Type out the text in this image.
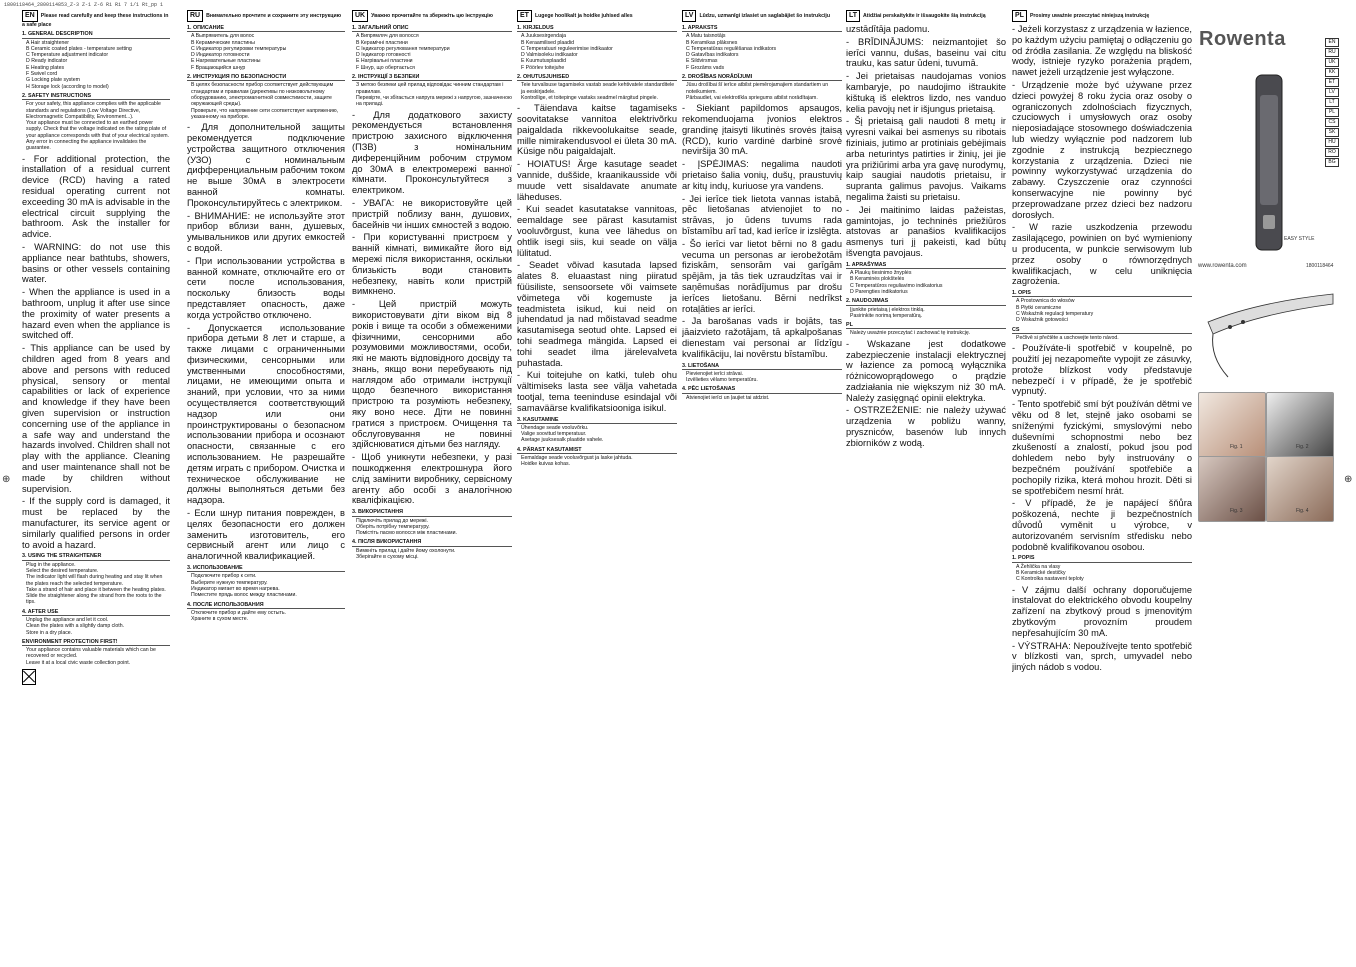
1800118464_2800114853_Z-3 Z-1 Z-6 Ri Ri 7 1/1 Rt_pp 1
⊕	⊕
EN Please read carefully and keep these instructions in a safe place
1. GENERAL DESCRIPTION
A Hair straightener
B Ceramic coated plates - temperature setting
C Temperature adjustment indicator
D Ready indicator
E Heating plates
F Swivel cord
G Locking plate system
H Storage lock (according to model)
2. SAFETY INSTRUCTIONS
For your safety, this appliance complies with the applicable standards and regulations (Low Voltage Directive, Electromagnetic Compatibility, Environment...).
Your appliance must be connected to an earthed power supply. Check that the voltage indicated on the rating plate of your appliance corresponds with that of your electrical system.
Any error in connecting the appliance invalidates the guarantee.

- For additional protection, the installation of a residual current device (RCD) having a rated residual operating current not exceeding 30 mA is advisable in the electrical circuit supplying the bathroom. Ask the installer for advice.

- WARNING: do not use this appliance near bathtubs, showers, basins or other vessels containing water.

- When the appliance is used in a bathroom, unplug it after use since the proximity of water presents a hazard even when the appliance is switched off.

- This appliance can be used by children aged from 8 years and above and persons with reduced physical, sensory or mental capabilities or lack of experience and knowledge if they have been given supervision or instruction concerning use of the appliance in a safe way and understand the hazards involved. Children shall not play with the appliance. Cleaning and user maintenance shall not be made by children without supervision.

- If the supply cord is damaged, it must be replaced by the manufacturer, its service agent or similarly qualified persons in order to avoid a hazard.

3. USING THE STRAIGHTENER
Plug in the appliance.
Select the desired temperature.
The indicator light will flash during heating and stay lit when the plates reach the selected temperature.
Take a strand of hair and place it between the heating plates.
Slide the straightener along the strand from the roots to the tips.
4. AFTER USE
Unplug the appliance and let it cool.
Clean the plates with a slightly damp cloth.
Store in a dry place.
ENVIRONMENT PROTECTION FIRST!
Your appliance contains valuable materials which can be recovered or recycled.
Leave it at a local civic waste collection point.
RU Внимательно прочтите и сохраните эту инструкцию
1. ОПИСАНИЕ
A Выпрямитель для волос
B Керамические пластины
C Индикатор регулировки температуры
D Индикатор готовности
E Нагревательные пластины
F Вращающийся шнур
2. ИНСТРУКЦИЯ ПО БЕЗОПАСНОСТИ
В целях безопасности прибор соответствует действующим стандартам и правилам (директивы по низковольтному оборудованию, электромагнитной совместимости, защите окружающей среды).
Проверьте, что напряжение сети соответствует напряжению, указанному на приборе.

- Для дополнительной защиты рекомендуется подключение устройства защитного отключения (УЗО) с номинальным дифференциальным рабочим током не выше 30мА в электросети ванной комнаты. Проконсультируйтесь с электриком.

- ВНИМАНИЕ: не используйте этот прибор вблизи ванн, душевых, умывальников или других емкостей с водой.

- При использовании устройства в ванной комнате, отключайте его от сети после использования, поскольку близость воды представляет опасность, даже когда устройство отключено.

- Допускается использование прибора детьми 8 лет и старше, а также лицами с ограниченными физическими, сенсорными или умственными способностями, лицами, не имеющими опыта и знаний, при условии, что за ними осуществляется соответствующий надзор или они проинструктированы о безопасном использовании прибора и осознают опасности, связанные с его использованием. Не разрешайте детям играть с прибором. Очистка и техническое обслуживание не должны выполняться детьми без надзора.

- Если шнур питания поврежден, в целях безопасности его должен заменить изготовитель, его сервисный агент или лицо с аналогичной квалификацией.

3. ИСПОЛЬЗОВАНИЕ
Подключите прибор к сети.
Выберите нужную температуру.
Индикатор мигает во время нагрева.
Поместите прядь волос между пластинами.
4. ПОСЛЕ ИСПОЛЬЗОВАНИЯ
Отключите прибор и дайте ему остыть.
Храните в сухом месте.
UK Уважно прочитайте та збережіть цю інструкцію
1. ЗАГАЛЬНИЙ ОПИС
A Випрямляч для волосся
B Керамічні пластини
C Індикатор регулювання температури
D Індикатор готовності
E Нагрівальні пластини
F Шнур, що обертається
2. ІНСТРУКЦІЇ З БЕЗПЕКИ
З метою безпеки цей прилад відповідає чинним стандартам і правилам.
Перевірте, чи збігається напруга мережі з напругою, зазначеною на приладі.

- Для додаткового захисту рекомендується встановлення пристрою захисного відключення (ПЗВ) з номінальним диференційним робочим струмом до 30мА в електромережі ванної кімнати. Проконсультуйтеся з електриком.

- УВАГА: не використовуйте цей пристрій поблизу ванн, душових, басейнів чи інших ємностей з водою.

- При користуванні пристроєм у ванній кімнаті, вимикайте його від мережі після використання, оскільки близькість води становить небезпеку, навіть коли пристрій вимкнено.

- Цей пристрій можуть використовувати діти віком від 8 років і вище та особи з обмеженими фізичними, сенсорними або розумовими можливостями, особи, які не мають відповідного досвіду та знань, якщо вони перебувають під наглядом або отримали інструкції щодо безпечного використання пристрою та розуміють небезпеку, яку воно несе. Діти не повинні гратися з пристроєм. Очищення та обслуговування не повинні здійснюватися дітьми без нагляду.

- Щоб уникнути небезпеки, у разі пошкодження електрошнура його слід замінити виробнику, сервісному агенту або особі з аналогічною кваліфікацією.

3. ВИКОРИСТАННЯ
Підключіть прилад до мережі.
Оберіть потрібну температуру.
Помістіть пасмо волосся між пластинами.
4. ПІСЛЯ ВИКОРИСТАННЯ
Вимкніть прилад і дайте йому охолонути.
Зберігайте в сухому місці.
ET Lugege hoolikalt ja hoidke juhised alles
1. KIRJELDUS
A Juuksesirgendaja
B Keraamilised plaadid
C Temperatuuri reguleerimise indikaator
D Valmisoleku indikaator
E Kuumutusplaadid
F Pöörlev toitejuhe
2. OHUTUSJUHISED
Teie turvalisuse tagamiseks vastab seade kehtivatele standarditele ja eeskirjadele.
Kontrollige, et toitepinge vastaks seadmel märgitud pingele.

- Täiendava kaitse tagamiseks soovitatakse vannitoa elektrivõrku paigaldada rikkevoolukaitse seade, mille nimirakendusvool ei ületa 30 mA. Küsige nõu paigaldajalt.

- HOIATUS! Ärge kasutage seadet vannide, duššide, kraanikausside või muude vett sisaldavate anumate läheduses.

- Kui seadet kasutatakse vannitoas, eemaldage see pärast kasutamist vooluvõrgust, kuna vee lähedus on ohtlik isegi siis, kui seade on välja lülitatud.

- Seadet võivad kasutada lapsed alates 8. eluaastast ning piiratud füüsiliste, sensoorsete või vaimsete võimetega või kogemuste ja teadmisteta isikud, kui neid on juhendatud ja nad mõistavad seadme kasutamisega seotud ohte. Lapsed ei tohi seadmega mängida. Lapsed ei tohi seadet ilma järelevalveta puhastada.

- Kui toitejuhe on katki, tuleb ohu vältimiseks lasta see välja vahetada tootjal, tema teeninduse esindajal või samaväärse kvalifikatsiooniga isikul.

3. KASUTAMINE
Ühendage seade vooluvõrku.
Valige soovitud temperatuur.
Asetage juuksesalk plaatide vahele.
4. PÄRAST KASUTAMIST
Eemaldage seade vooluvõrgust ja laske jahtuda.
Hoidke kuivas kohas.
LV Lūdzu, uzmanīgi izlasiet un saglabājiet šo instrukciju
1. APRAKSTS
A Matu taisnotājs
B Keramikas plāksnes
C Temperatūras regulēšanas indikators
D Gatavības indikators
E Sildvirsmas
F Grozāms vads
2. DROŠĪBAS NORĀDĪJUMI
Jūsu drošībai šī ierīce atbilst piemērojamajiem standartiem un noteikumiem.
Pārbaudiet, vai elektrotīkla spriegums atbilst norādītajam.

- Siekiant papildomos apsaugos, rekomenduojama įvonios elektros grandinę įtaisyti likutinės srovės įtaisą (RCD), kurio vardinė darbinė srovė neviršija 30 mA.

- ĮSPĖJIMAS: negalima naudoti prietaiso šalia vonių, dušų, praustuvių ar kitų indų, kuriuose yra vandens.

- Jei ierīce tiek lietota vannas istabā, pēc lietošanas atvienojiet to no strāvas, jo ūdens tuvums rada bīstamību arī tad, kad ierīce ir izslēgta.

- Šo ierīci var lietot bērni no 8 gadu vecuma un personas ar ierobežotām fiziskām, sensorām vai garīgām spējām, ja tās tiek uzraudzītas vai ir saņēmušas norādījumus par drošu ierīces lietošanu. Bērni nedrīkst rotaļāties ar ierīci.

- Ja barošanas vads ir bojāts, tas jāaizvieto ražotājam, tā apkalpošanas dienestam vai personai ar līdzīgu kvalifikāciju, lai novērstu bīstamību.

3. LIETOŠANA
Pievienojiet ierīci strāvai.
Izvēlieties vēlamo temperatūru.
4. PĒC LIETOŠANAS
Atvienojiet ierīci un ļaujiet tai atdzist.
LT Atidžiai perskaitykite ir išsaugokite šią instrukciją

uzstādītāja padomu.

- BRĪDINĀJUMS: neizmantojiet šo ierīci vannu, dušas, baseinu vai citu trauku, kas satur ūdeni, tuvumā.

- Jei prietaisas naudojamas vonios kambaryje, po naudojimo ištraukite kištuką iš elektros lizdo, nes vanduo kelia pavojų net ir išjungus prietaisą.

- Šį prietaisą gali naudoti 8 metų ir vyresni vaikai bei asmenys su ribotais fiziniais, jutimo ar protiniais gebėjimais arba neturintys patirties ir žinių, jei jie yra prižiūrimi arba yra gavę nurodymų, kaip saugiai naudotis prietaisu, ir supranta galimus pavojus. Vaikams negalima žaisti su prietaisu.

- Jei maitinimo laidas pažeistas, gamintojas, jo techninės priežiūros atstovas ar panašios kvalifikacijos asmenys turi jį pakeisti, kad būtų išvengta pavojaus.

1. APRAŠYMAS
A Plaukų tiesinimo žnyplės
B Keraminės plokštelės
C Temperatūros reguliavimo indikatorius
D Parengties indikatorius
2. NAUDOJIMAS
Įjunkite prietaisą į elektros tinklą.
Pasirinkite norimą temperatūrą.
PL
Należy uważnie przeczytać i zachować tę instrukcję.

- Wskazane jest dodatkowe zabezpieczenie instalacji elektrycznej w łazience za pomocą wyłącznika różnicowoprądowego o prądzie zadziałania nie większym niż 30 mA. Należy zasięgnąć opinii elektryka.

- OSTRZEŻENIE: nie należy używać urządzenia w pobliżu wanny, pryszniców, basenów lub innych zbiorników z wodą.

PL Prosimy uważnie przeczytać niniejszą instrukcję

- Jeżeli korzystasz z urządzenia w łazience, po każdym użyciu pamiętaj o odłączeniu go od źródła zasilania. Ze względu na bliskość wody, istnieje ryzyko porażenia prądem, nawet jeżeli urządzenie jest wyłączone.

- Urządzenie może być używane przez dzieci powyżej 8 roku życia oraz osoby o ograniczonych zdolnościach fizycznych, czuciowych i umysłowych oraz osoby nieposiadające stosownego doświadczenia lub wiedzy wyłącznie pod nadzorem lub zgodnie z instrukcją bezpiecznego korzystania z urządzenia. Dzieci nie powinny wykorzystywać urządzenia do zabawy. Czyszczenie oraz czynności konserwacyjne nie powinny być przeprowadzane przez dzieci bez nadzoru dorosłych.

- W razie uszkodzenia przewodu zasilającego, powinien on być wymieniony u producenta, w punkcie serwisowym lub przez osoby o równorzędnych kwalifikacjach, w celu uniknięcia zagrożenia.

1. OPIS
A Prostownica do włosów
B Płytki ceramiczne
C Wskaźnik regulacji temperatury
D Wskaźnik gotowości
CS
Pečlivě si přečtěte a uschovejte tento návod.

- Používáte-li spotřebič v koupelně, po použití jej nezapomeňte vypojit ze zásuvky, protože blízkost vody představuje nebezpečí i v případě, že je spotřebič vypnutý.

- Tento spotřebič smí být používán dětmi ve věku od 8 let, stejně jako osobami se sníženými fyzickými, smyslovými nebo duševními schopnostmi nebo bez zkušeností a znalostí, pokud jsou pod dohledem nebo byly instruovány o bezpečném používání spotřebiče a pochopily rizika, která mohou hrozit. Děti si se spotřebičem nesmí hrát.

- V případě, že je napájecí šňůra poškozená, nechte ji bezpečnostních důvodů vyměnit u výrobce, v autorizovaném servisním středisku nebo podobně kvalifikovanou osobou.

1. POPIS
A Žehlička na vlasy
B Keramické destičky
C Kontrolka nastavení teploty

- V zájmu další ochrany doporučujeme instalovat do elektrického obvodu koupelny zařízení na zbytkový proud s jmenovitým zbytkovým provozním proudem nepřesahujícím 30 mA.

- VÝSTRAHA: Nepoužívejte tento spotřebič v blízkosti van, sprch, umyvadel nebo jiných nádob s vodou.

Rowenta
EASY STYLE
EN
RU
UK
KK
ET
LV
LT
PL
CS
SK
HU
RO
BG
www.rowenta.com	1800118464
Fig. 1	Fig. 2
Fig. 3	Fig. 4
